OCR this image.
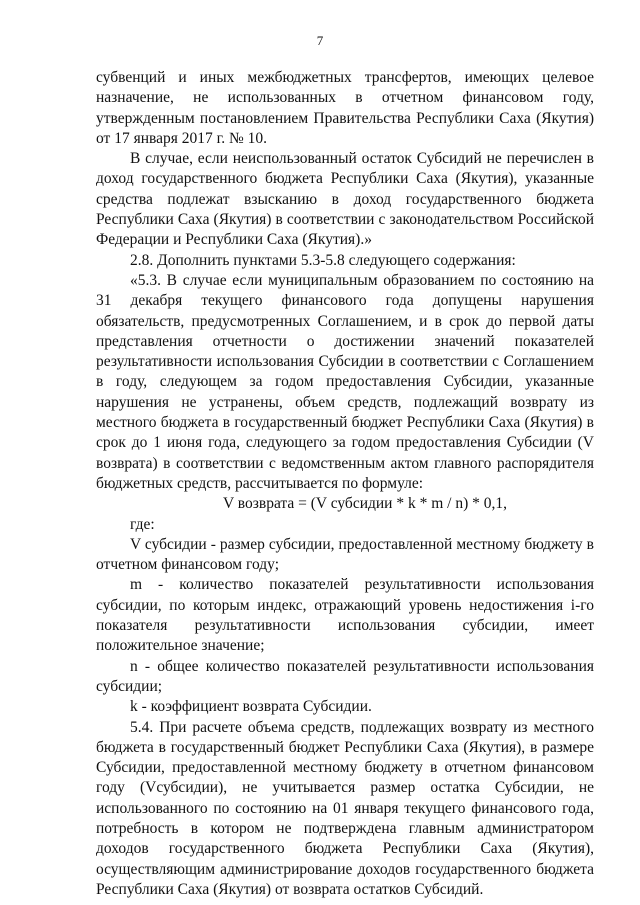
7

субвенций и иных межбюджетных трансфертов, имеющих целевое назначение, не использованных в отчетном финансовом году, утвержденным постановлением Правительства Республики Саха (Якутия) от 17 января 2017 г. № 10.

В случае, если неиспользованный остаток Субсидий не перечислен в доход государственного бюджета Республики Саха (Якутия), указанные средства подлежат взысканию в доход государственного бюджета Республики Саха (Якутия) в соответствии с законодательством Российской Федерации и Республики Саха (Якутия).»

2.8. Дополнить пунктами 5.3-5.8 следующего содержания:

«5.3. В случае если муниципальным образованием по состоянию на 31 декабря текущего финансового года допущены нарушения обязательств, предусмотренных Соглашением, и в срок до первой даты представления отчетности о достижении значений показателей результативности использования Субсидии в соответствии с Соглашением в году, следующем за годом предоставления Субсидии, указанные нарушения не устранены, объем средств, подлежащий возврату из местного бюджета в государственный бюджет Республики Саха (Якутия) в срок до 1 июня года, следующего за годом предоставления Субсидии (V возврата) в соответствии с ведомственным актом главного распорядителя бюджетных средств, рассчитывается по формуле:

V возврата = (V субсидии * k * m / n) * 0,1,

где:

V субсидии - размер субсидии, предоставленной местному бюджету в отчетном финансовом году;

m - количество показателей результативности использования субсидии, по которым индекс, отражающий уровень недостижения i-го показателя результативности использования субсидии, имеет положительное значение;

n - общее количество показателей результативности использования субсидии;

k - коэффициент возврата Субсидии.

5.4. При расчете объема средств, подлежащих возврату из местного бюджета в государственный бюджет Республики Саха (Якутия), в размере Субсидии, предоставленной местному бюджету в отчетном финансовом году (Vсубсидии), не учитывается размер остатка Субсидии, не использованного по состоянию на 01 января текущего финансового года, потребность в котором не подтверждена главным администратором доходов государственного бюджета Республики Саха (Якутия), осуществляющим администрирование доходов государственного бюджета Республики Саха (Якутия) от возврата остатков Субсидий.
